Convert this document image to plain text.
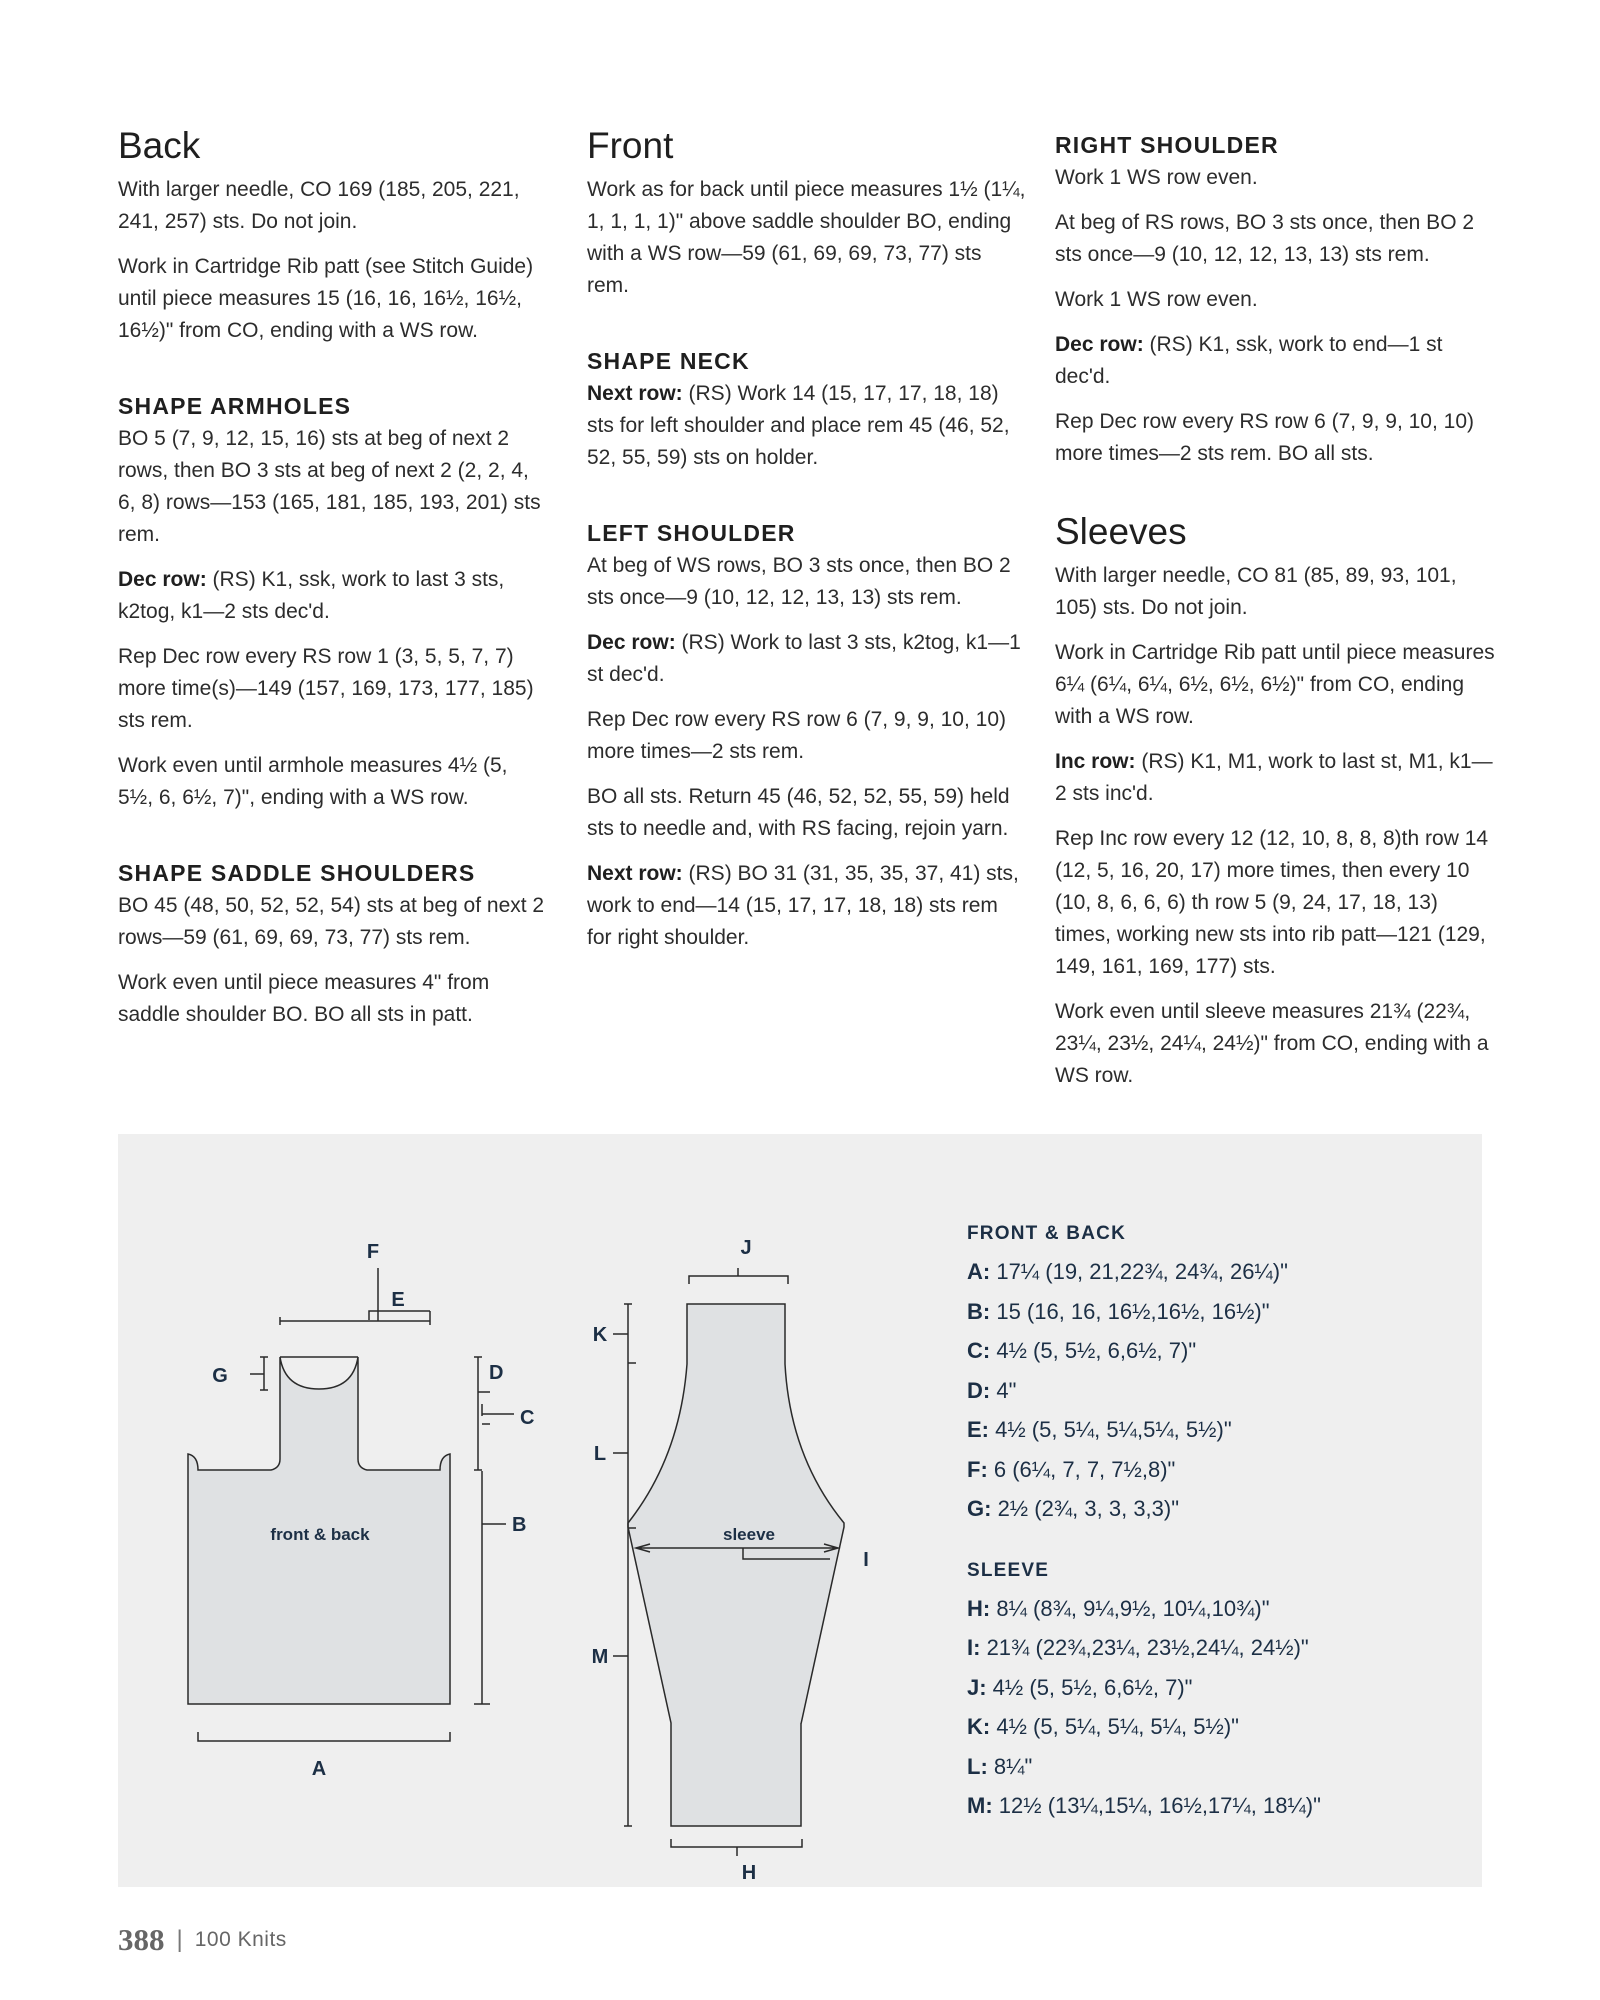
Back

With larger needle, CO 169 (185, 205, 221, 241, 257) sts. Do not join.

Work in Cartridge Rib patt (see Stitch Guide) until piece measures 15 (16, 16, 16½, 16½, 16½)" from CO, ending with a WS row.

SHAPE ARMHOLES

BO 5 (7, 9, 12, 15, 16) sts at beg of next 2 rows, then BO 3 sts at beg of next 2 (2, 2, 4, 6, 8) rows—153 (165, 181, 185, 193, 201) sts rem.

Dec row: (RS) K1, ssk, work to last 3 sts, k2tog, k1—2 sts dec'd.

Rep Dec row every RS row 1 (3, 5, 5, 7, 7) more time(s)—149 (157, 169, 173, 177, 185) sts rem.

Work even until armhole measures 4½ (5, 5½, 6, 6½, 7)", ending with a WS row.

SHAPE SADDLE SHOULDERS

BO 45 (48, 50, 52, 52, 54) sts at beg of next 2 rows—59 (61, 69, 69, 73, 77) sts rem.

Work even until piece measures 4" from saddle shoulder BO. BO all sts in patt.

Front

Work as for back until piece measures 1½ (1¼, 1, 1, 1, 1)" above saddle shoulder BO, ending with a WS row—59 (61, 69, 69, 73, 77) sts rem.

SHAPE NECK

Next row: (RS) Work 14 (15, 17, 17, 18, 18) sts for left shoulder and place rem 45 (46, 52, 52, 55, 59) sts on holder.

LEFT SHOULDER

At beg of WS rows, BO 3 sts once, then BO 2 sts once—9 (10, 12, 12, 13, 13) sts rem.

Dec row: (RS) Work to last 3 sts, k2tog, k1—1 st dec'd.

Rep Dec row every RS row 6 (7, 9, 9, 10, 10) more times—2 sts rem.

BO all sts. Return 45 (46, 52, 52, 55, 59) held sts to needle and, with RS facing, rejoin yarn.

Next row: (RS) BO 31 (31, 35, 35, 37, 41) sts, work to end—14 (15, 17, 17, 18, 18) sts rem for right shoulder.

RIGHT SHOULDER

Work 1 WS row even.

At beg of RS rows, BO 3 sts once, then BO 2 sts once—9 (10, 12, 12, 13, 13) sts rem.

Work 1 WS row even.

Dec row: (RS) K1, ssk, work to end—1 st dec'd.

Rep Dec row every RS row 6 (7, 9, 9, 10, 10) more times—2 sts rem. BO all sts.

Sleeves

With larger needle, CO 81 (85, 89, 93, 101, 105) sts. Do not join.

Work in Cartridge Rib patt until piece measures 6¼ (6¼, 6¼, 6½, 6½, 6½)" from CO, ending with a WS row.

Inc row: (RS) K1, M1, work to last st, M1, k1—2 sts inc'd.

Rep Inc row every 12 (12, 10, 8, 8, 8)th row 14 (12, 5, 16, 20, 17) more times, then every 10 (10, 8, 6, 6, 6) th row 5 (9, 24, 17, 18, 13) times, working new sts into rib patt—121 (129, 149, 161, 169, 177) sts.

Work even until sleeve measures 21¾ (22¾, 23¼, 23½, 24¼, 24½)" from CO, ending with a WS row.

F
E
G	D
C
B
A
J
K
L
M
I
H
front & back	sleeve
FRONT & BACK
A: 17¼ (19, 21,22¾, 24¾, 26¼)"
B: 15 (16, 16, 16½,16½, 16½)"
C: 4½ (5, 5½, 6,6½, 7)"
D: 4"
E: 4½ (5, 5¼, 5¼,5¼, 5½)"
F: 6 (6¼, 7, 7, 7½,8)"
G: 2½ (2¾, 3, 3, 3,3)"
SLEEVE
H: 8¼ (8¾, 9¼,9½, 10¼,10¾)"
I: 21¾ (22¾,23¼, 23½,24¼, 24½)"
J: 4½ (5, 5½, 6,6½, 7)"
K: 4½ (5, 5¼, 5¼, 5¼, 5½)"
L: 8¼"
M: 12½ (13¼,15¼, 16½,17¼, 18¼)"
388 | 100 Knits
